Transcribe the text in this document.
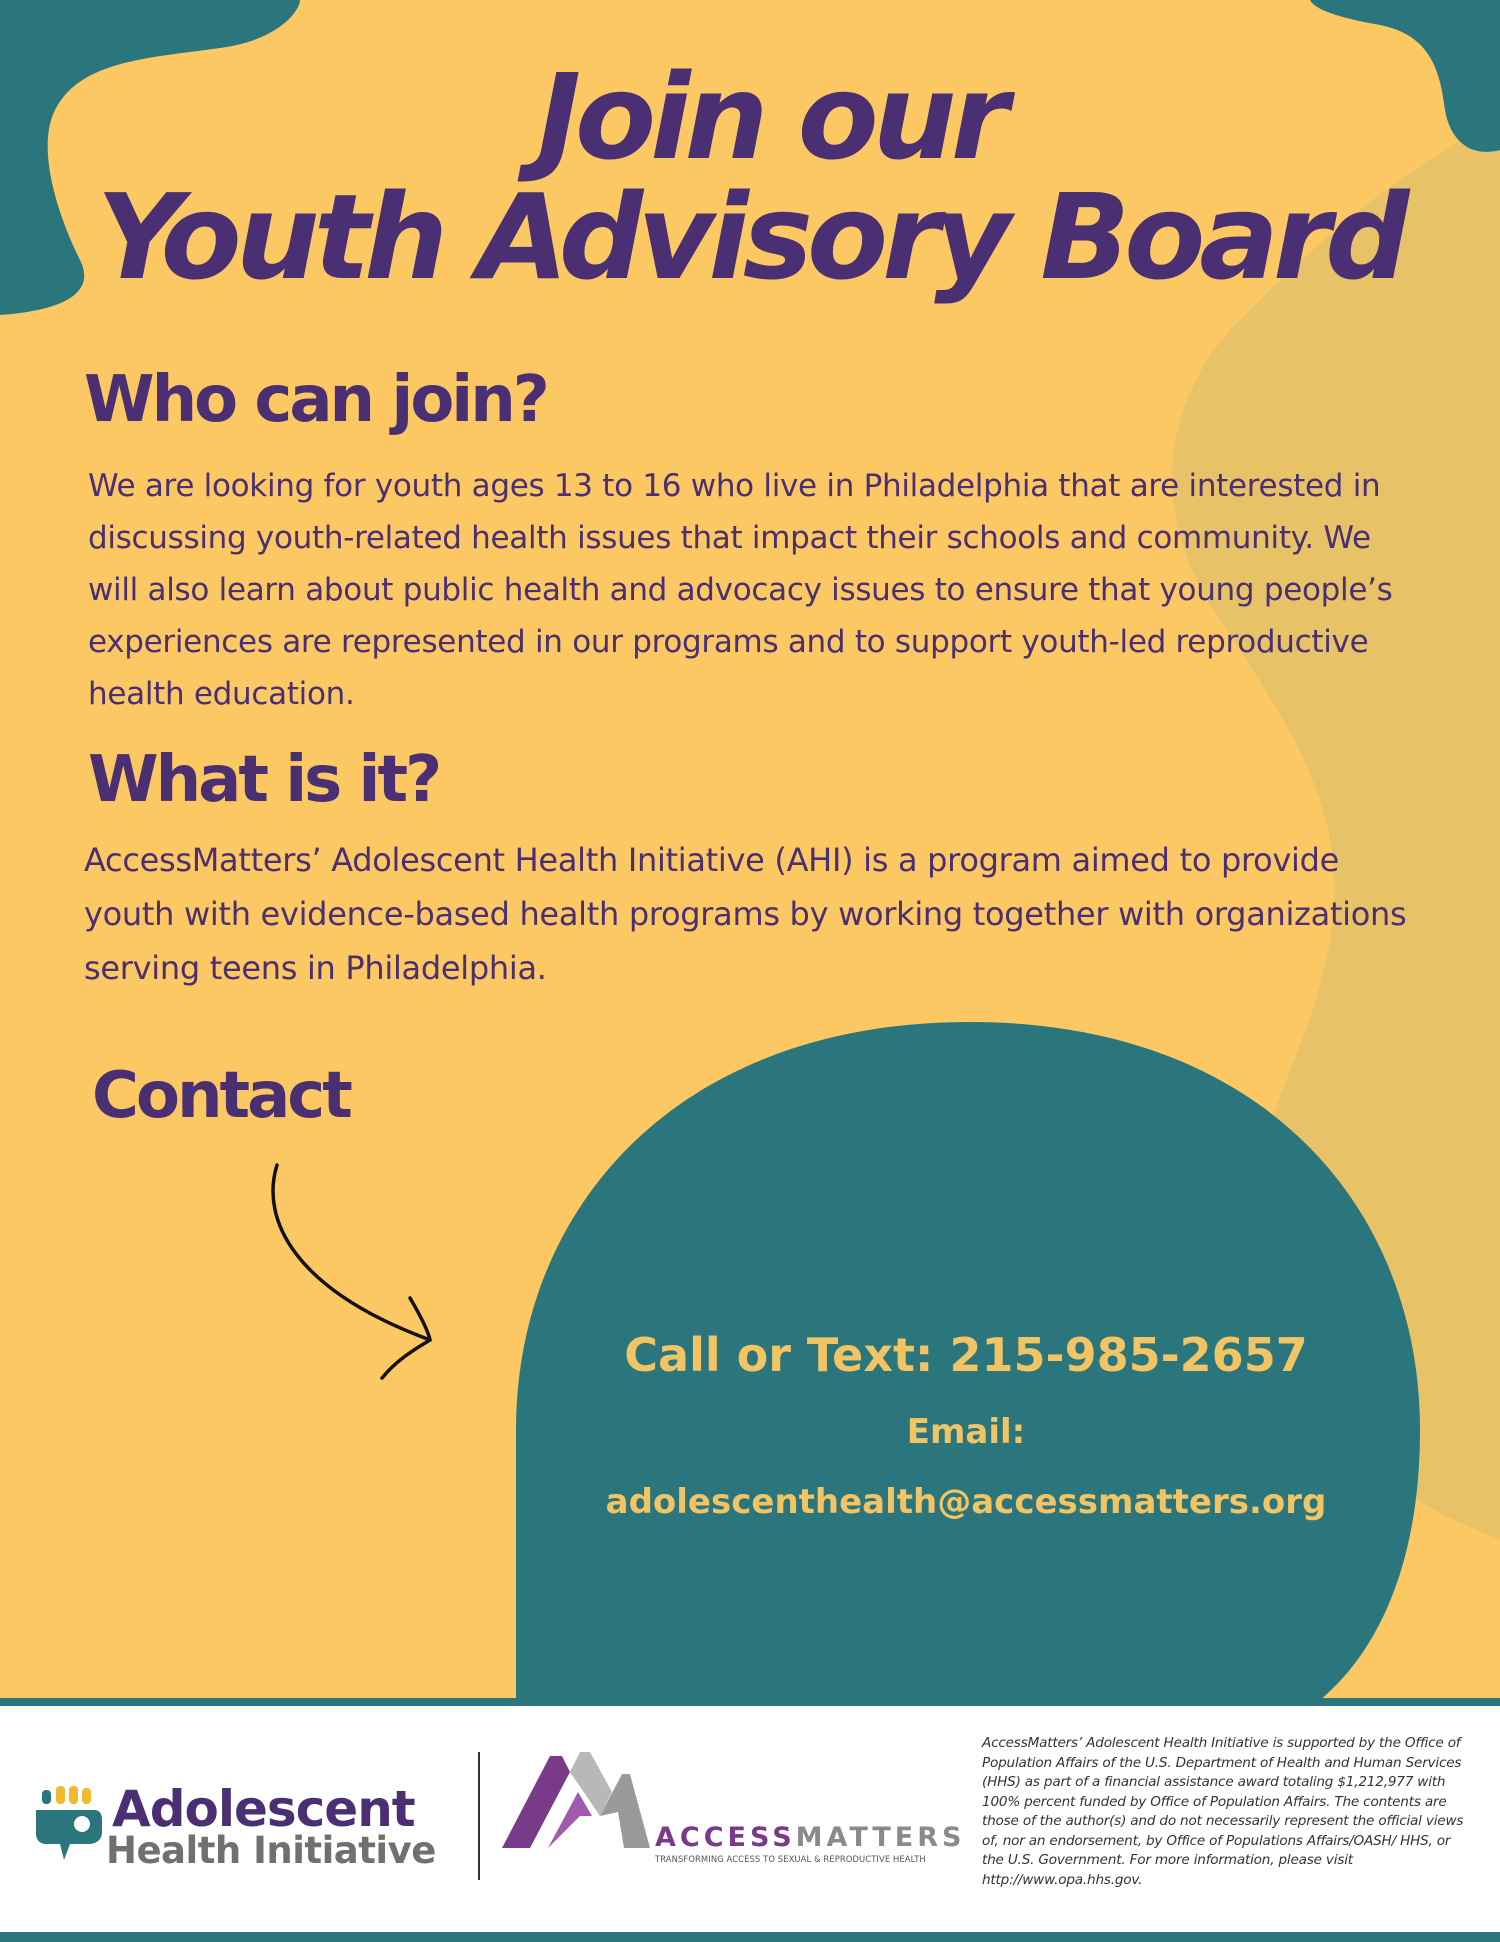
Join our
Youth Advisory Board
Who can join?

We are looking for youth ages 13 to 16 who live in Philadelphia that are interested in discussing youth-related health issues that impact their schools and community. We will also learn about public health and advocacy issues to ensure that young people’s experiences are represented in our programs and to support youth-led reproductive health education.

What is it?

AccessMatters’ Adolescent Health Initiative (AHI) is a program aimed to provide youth with evidence-based health programs by working together with organizations serving teens in Philadelphia.

Contact

Call or Text: 215-985-2657

Email:

adolescenthealth@accessmatters.org

Adolescent

Health Initiative	ACCESSMATTERS

TRANSFORMING ACCESS TO SEXUAL & REPRODUCTIVE HEALTH

AccessMatters’ Adolescent Health Initiative is supported by the Office of Population Affairs of the U.S. Department of Health and Human Services (HHS) as part of a financial assistance award totaling $1,212,977 with 100% percent funded by Office of Population Affairs. The contents are those of the author(s) and do not necessarily represent the official views of, nor an endorsement, by Office of Populations Affairs/OASH/ HHS, or the U.S. Government. For more information, please visit http://www.opa.hhs.gov.
